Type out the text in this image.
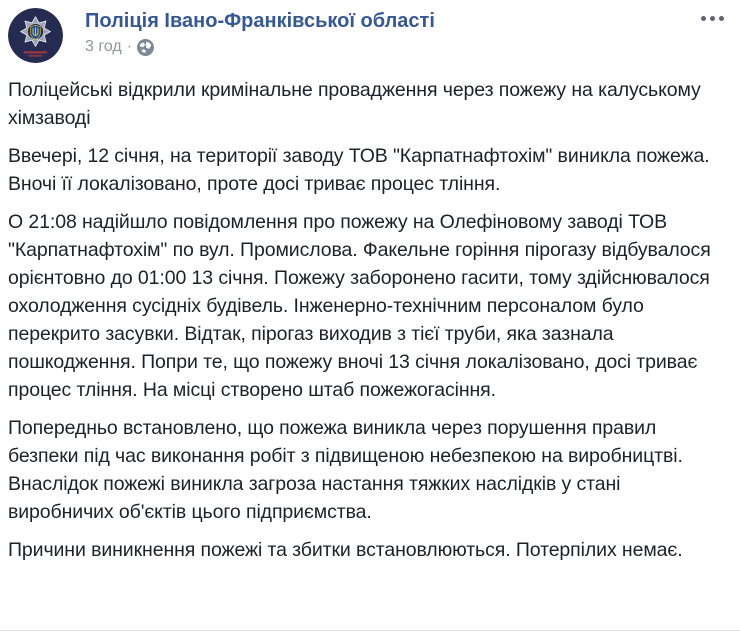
Поліція Івано-Франківської області
3 год ·

Поліцейські відкрили кримінальне провадження через пожежу на калуському хімзаводі

Ввечері, 12 січня, на території заводу ТОВ "Карпатнафтохім" виникла пожежа. Вночі її локалізовано, проте досі триває процес тління.

О 21:08 надійшло повідомлення про пожежу на Олефіновому заводі ТОВ "Карпатнафтохім" по вул. Промислова. Факельне горіння пірогазу відбувалося орієнтовно до 01:00 13 січня. Пожежу заборонено гасити, тому здійснювалося охолодження сусідніх будівель. Інженерно-технічним персоналом було перекрито засувки. Відтак, пірогаз виходив з тієї труби, яка зазнала пошкодження. Попри те, що пожежу вночі 13 січня локалізовано, досі триває процес тління. На місці створено штаб пожежогасіння.

Попередньо встановлено, що пожежа виникла через порушення правил безпеки під час виконання робіт з підвищеною небезпекою на виробництві. Внаслідок пожежі виникла загроза настання тяжких наслідків у стані виробничих об'єктів цього підприємства.

Причини виникнення пожежі та збитки встановлюються. Потерпілих немає.
